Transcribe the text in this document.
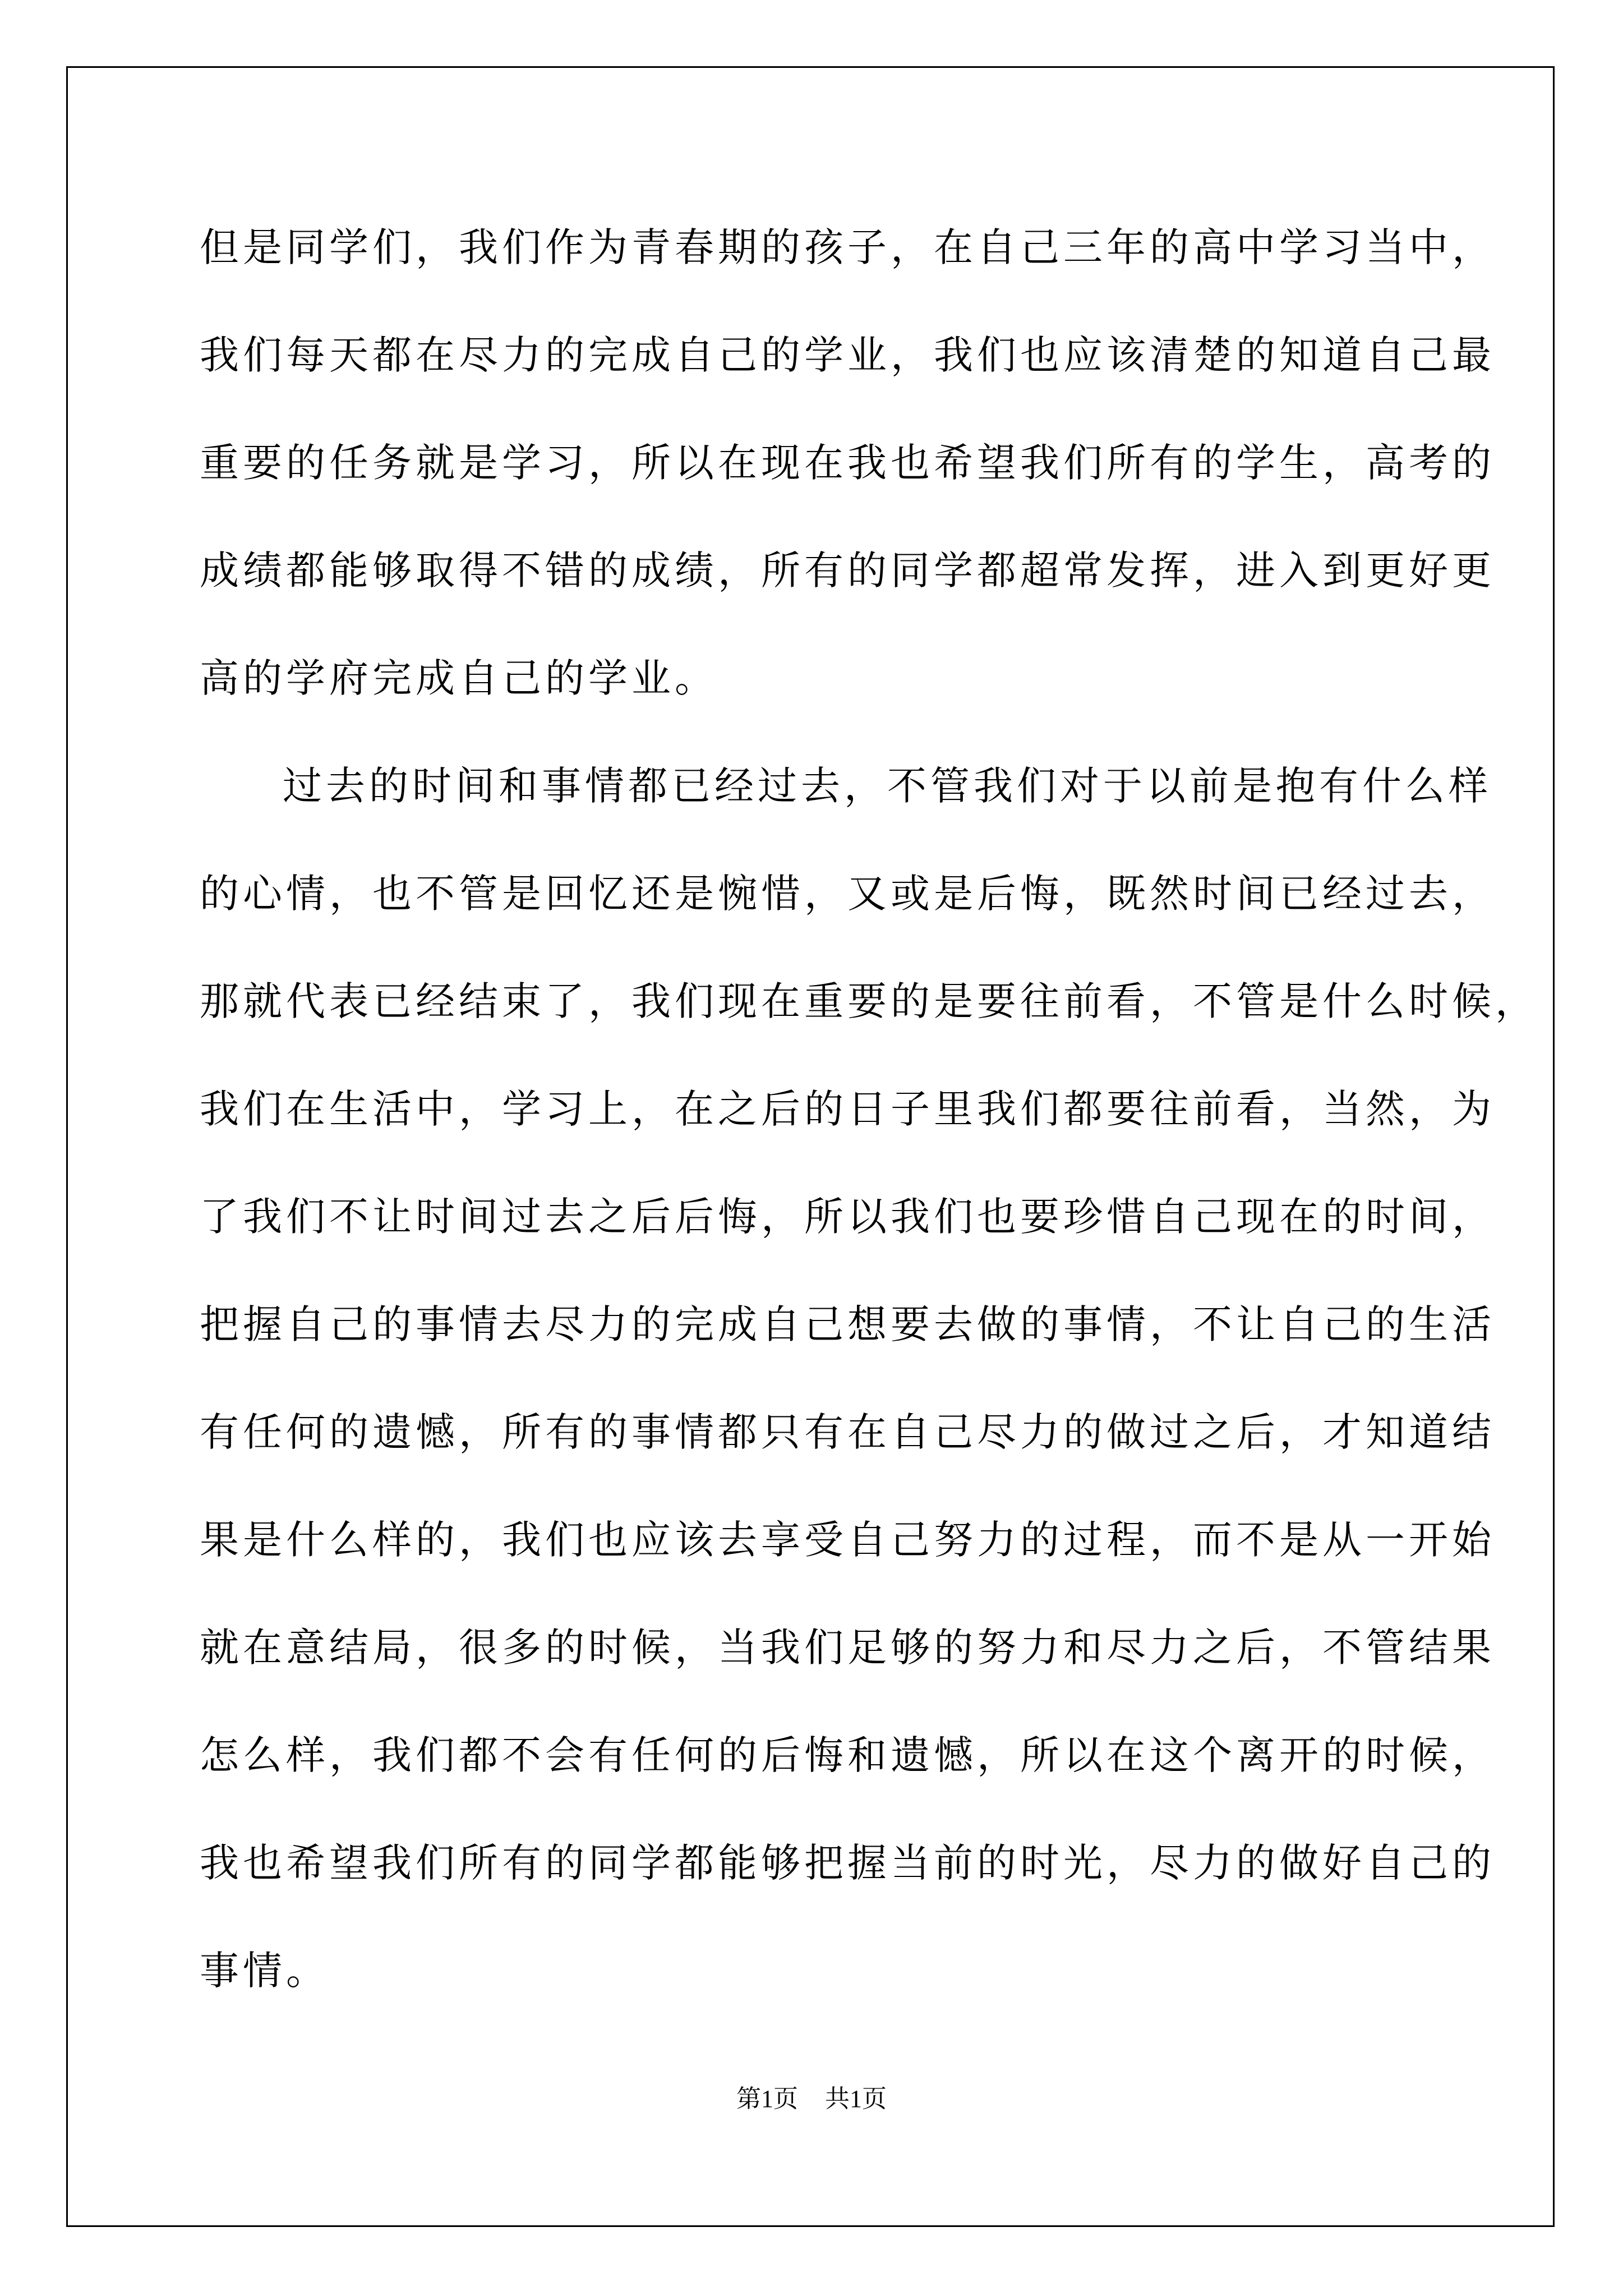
但是同学们，我们作为青春期的孩子，在自己三年的高中学习当中，
我们每天都在尽力的完成自己的学业，我们也应该清楚的知道自己最
重要的任务就是学习，所以在现在我也希望我们所有的学生，高考的
成绩都能够取得不错的成绩，所有的同学都超常发挥，进入到更好更
高的学府完成自己的学业。
过去的时间和事情都已经过去，不管我们对于以前是抱有什么样
的心情，也不管是回忆还是惋惜，又或是后悔，既然时间已经过去，
那就代表已经结束了，我们现在重要的是要往前看，不管是什么时候，
我们在生活中，学习上，在之后的日子里我们都要往前看，当然，为
了我们不让时间过去之后后悔，所以我们也要珍惜自己现在的时间，
把握自己的事情去尽力的完成自己想要去做的事情，不让自己的生活
有任何的遗憾，所有的事情都只有在自己尽力的做过之后，才知道结
果是什么样的，我们也应该去享受自己努力的过程，而不是从一开始
就在意结局，很多的时候，当我们足够的努力和尽力之后，不管结果
怎么样，我们都不会有任何的后悔和遗憾，所以在这个离开的时候，
我也希望我们所有的同学都能够把握当前的时光，尽力的做好自己的
事情。
第1页 共1页
